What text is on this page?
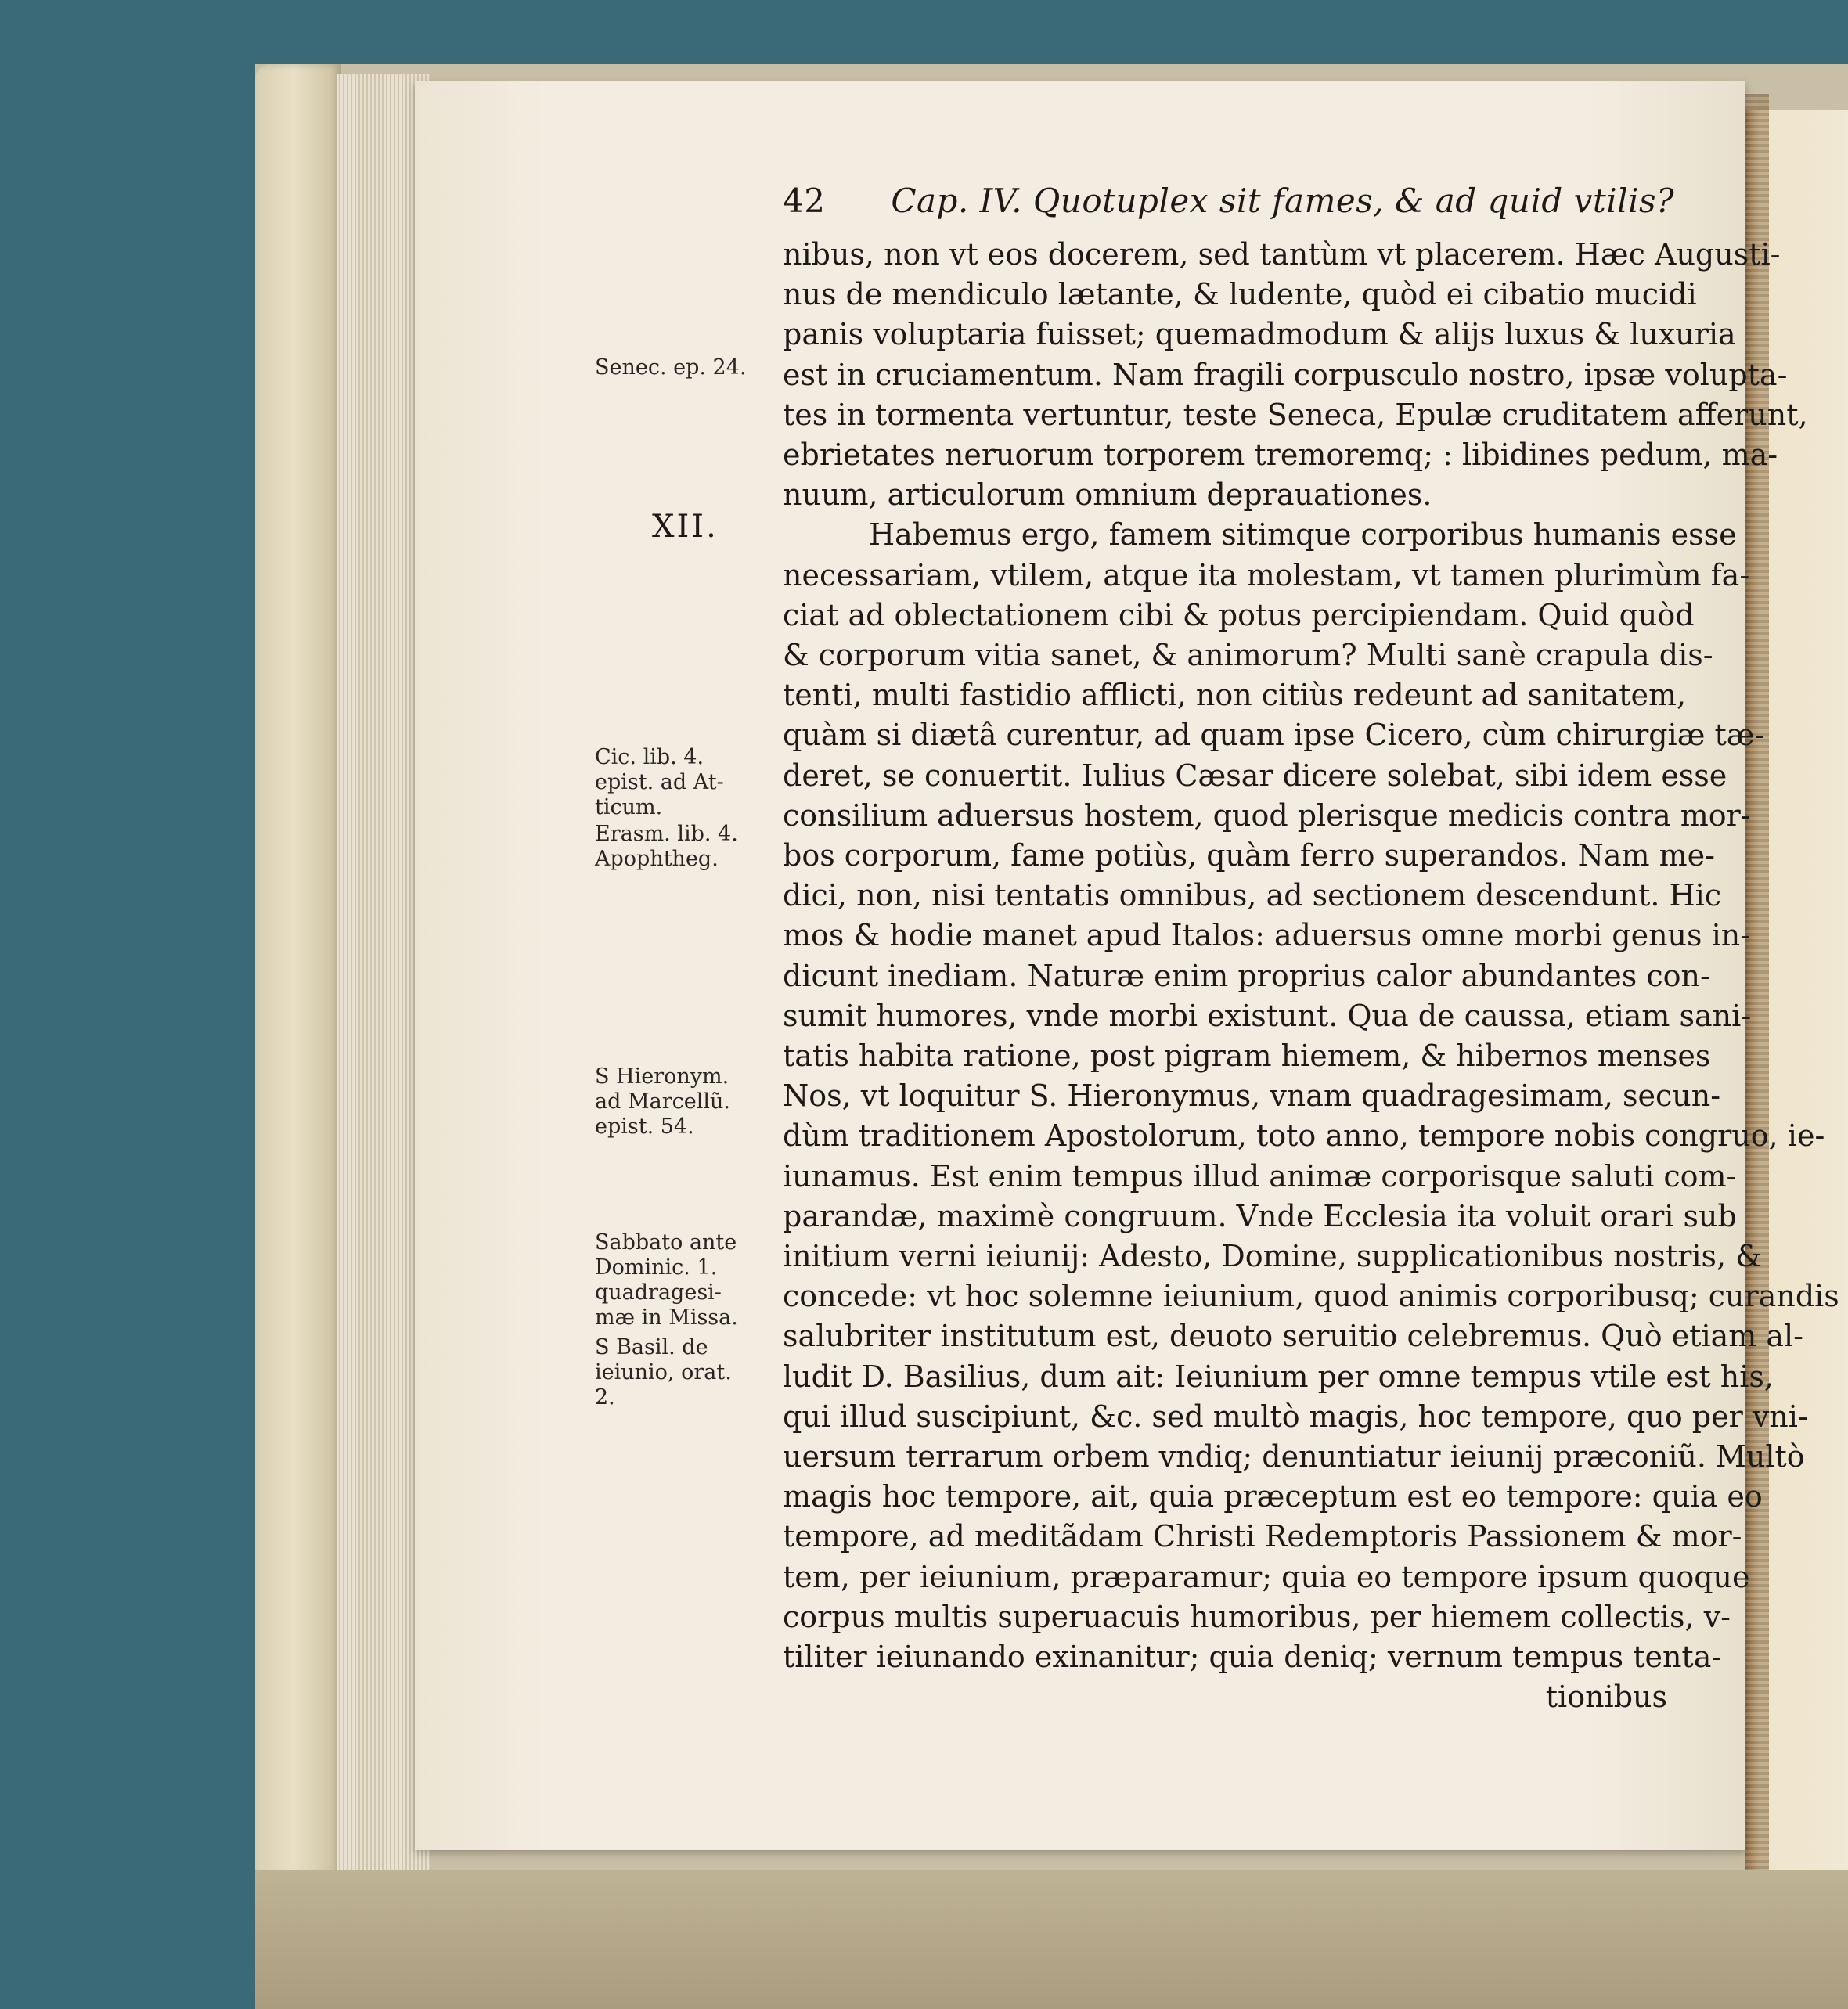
42 Cap. IV. Quotuplex sit fames, & ad quid vtilis?
nibus, non vt eos docerem, sed tantùm vt placerem. Hæc Augusti-
nus de mendiculo lætante, & ludente, quòd ei cibatio mucidi
panis voluptaria fuisset; quemadmodum & alijs luxus & luxuria
est in cruciamentum. Nam fragili corpusculo nostro, ipsæ volupta-
tes in tormenta vertuntur, teste Seneca, Epulæ cruditatem afferunt,
ebrietates neruorum torporem tremoremq; : libidines pedum, ma-
nuum, articulorum omnium deprauationes.
Habemus ergo, famem sitimque corporibus humanis esse
necessariam, vtilem, atque ita molestam, vt tamen plurimùm fa-
ciat ad oblectationem cibi & potus percipiendam. Quid quòd
& corporum vitia sanet, & animorum? Multi sanè crapula dis-
tenti, multi fastidio afflicti, non citiùs redeunt ad sanitatem,
quàm si diætâ curentur, ad quam ipse Cicero, cùm chirurgiæ tæ-
deret, se conuertit. Iulius Cæsar dicere solebat, sibi idem esse
consilium aduersus hostem, quod plerisque medicis contra mor-
bos corporum, fame potiùs, quàm ferro superandos. Nam me-
dici, non, nisi tentatis omnibus, ad sectionem descendunt. Hic
mos & hodie manet apud Italos: aduersus omne morbi genus in-
dicunt inediam. Naturæ enim proprius calor abundantes con-
sumit humores, vnde morbi existunt. Qua de caussa, etiam sani-
tatis habita ratione, post pigram hiemem, & hibernos menses
Nos, vt loquitur S. Hieronymus, vnam quadragesimam, secun-
dùm traditionem Apostolorum, toto anno, tempore nobis congruo, ie-
iunamus. Est enim tempus illud animæ corporisque saluti com-
parandæ, maximè congruum. Vnde Ecclesia ita voluit orari sub
initium verni ieiunij: Adesto, Domine, supplicationibus nostris, &
concede: vt hoc solemne ieiunium, quod animis corporibusq; curandis
salubriter institutum est, deuoto seruitio celebremus. Quò etiam al-
ludit D. Basilius, dum ait: Ieiunium per omne tempus vtile est his,
qui illud suscipiunt, &c. sed multò magis, hoc tempore, quo per vni-
uersum terrarum orbem vndiq; denuntiatur ieiunij præconiũ. Multò
magis hoc tempore, ait, quia præceptum est eo tempore: quia eo
tempore, ad meditãdam Christi Redemptoris Passionem & mor-
tem, per ieiunium, præparamur; quia eo tempore ipsum quoque
corpus multis superuacuis humoribus, per hiemem collectis, v-
tiliter ieiunando exinanitur; quia deniq; vernum tempus tenta-
tionibus
XII.
Senec. ep. 24.
Cic. lib. 4.
epist. ad At-
ticum.
Erasm. lib. 4.
Apophtheg.
S Hieronym.
ad Marcellũ.
epist. 54.
Sabbato ante
Dominic. 1.
quadragesi-
mæ in Missa.
S Basil. de
ieiunio, orat.
2.
